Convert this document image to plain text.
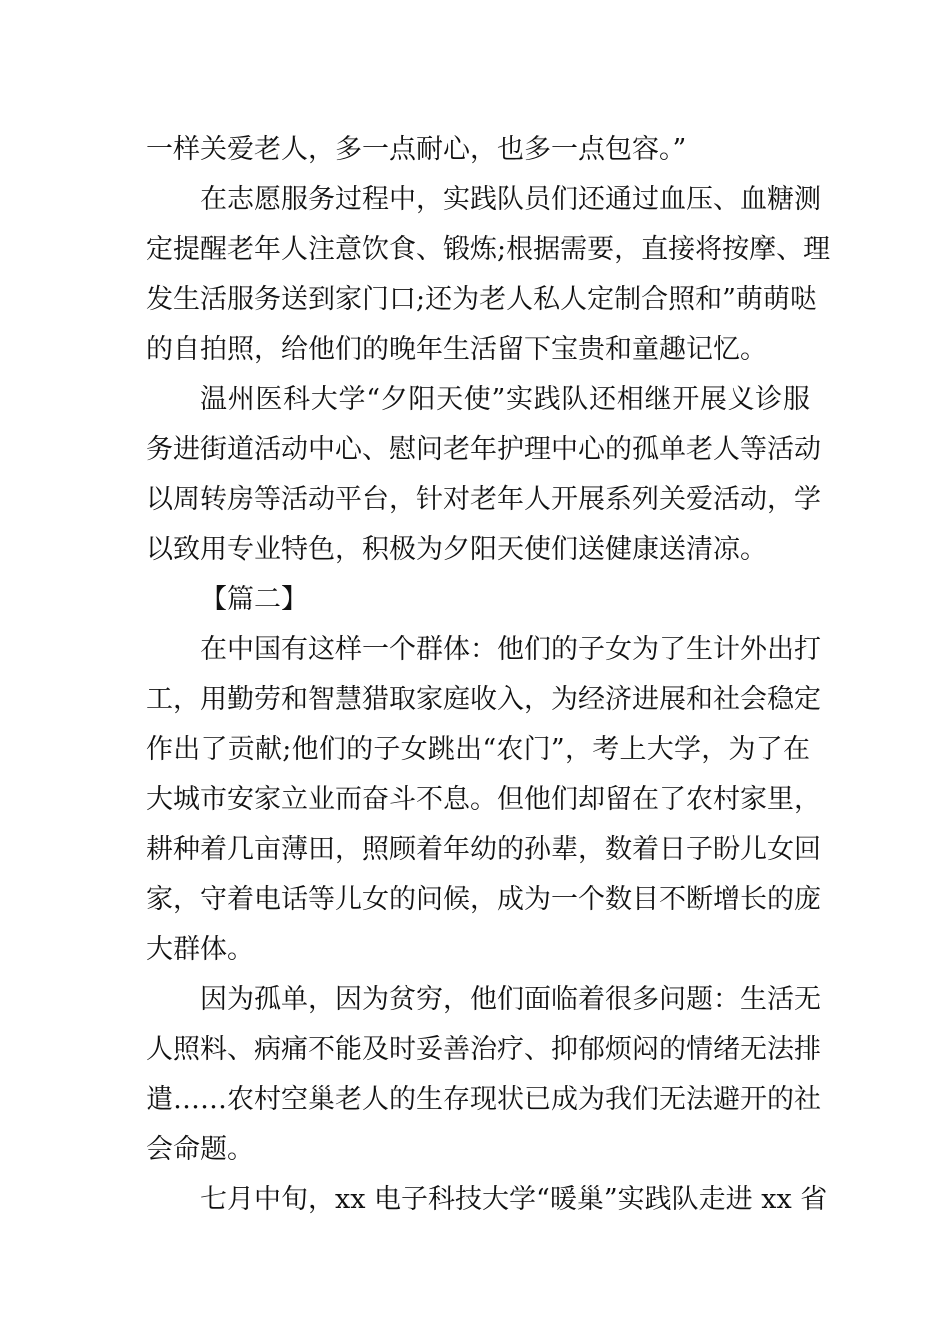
一样关爱老人，多一点耐心，也多一点包容。”
在志愿服务过程中，实践队员们还通过血压、血糖测
定提醒老年人注意饮食、锻炼;根据需要，直接将按摩、理
发生活服务送到家门口;还为老人私人定制合照和”萌萌哒
的自拍照，给他们的晚年生活留下宝贵和童趣记忆。
温州医科大学“夕阳天使”实践队还相继开展义诊服
务进街道活动中心、慰问老年护理中心的孤单老人等活动
以周转房等活动平台，针对老年人开展系列关爱活动，学
以致用专业特色，积极为夕阳天使们送健康送清凉。
【篇二】
在中国有这样一个群体：他们的子女为了生计外出打
工，用勤劳和智慧猎取家庭收入，为经济进展和社会稳定
作出了贡献;他们的子女跳出“农门”，考上大学，为了在
大城市安家立业而奋斗不息。但他们却留在了农村家里，
耕种着几亩薄田，照顾着年幼的孙辈，数着日子盼儿女回
家，守着电话等儿女的问候，成为一个数目不断增长的庞
大群体。
因为孤单，因为贫穷，他们面临着很多问题：生活无
人照料、病痛不能及时妥善治疗、抑郁烦闷的情绪无法排
遣……农村空巢老人的生存现状已成为我们无法避开的社
会命题。
七月中旬，xx 电子科技大学“暖巢”实践队走进 xx 省
